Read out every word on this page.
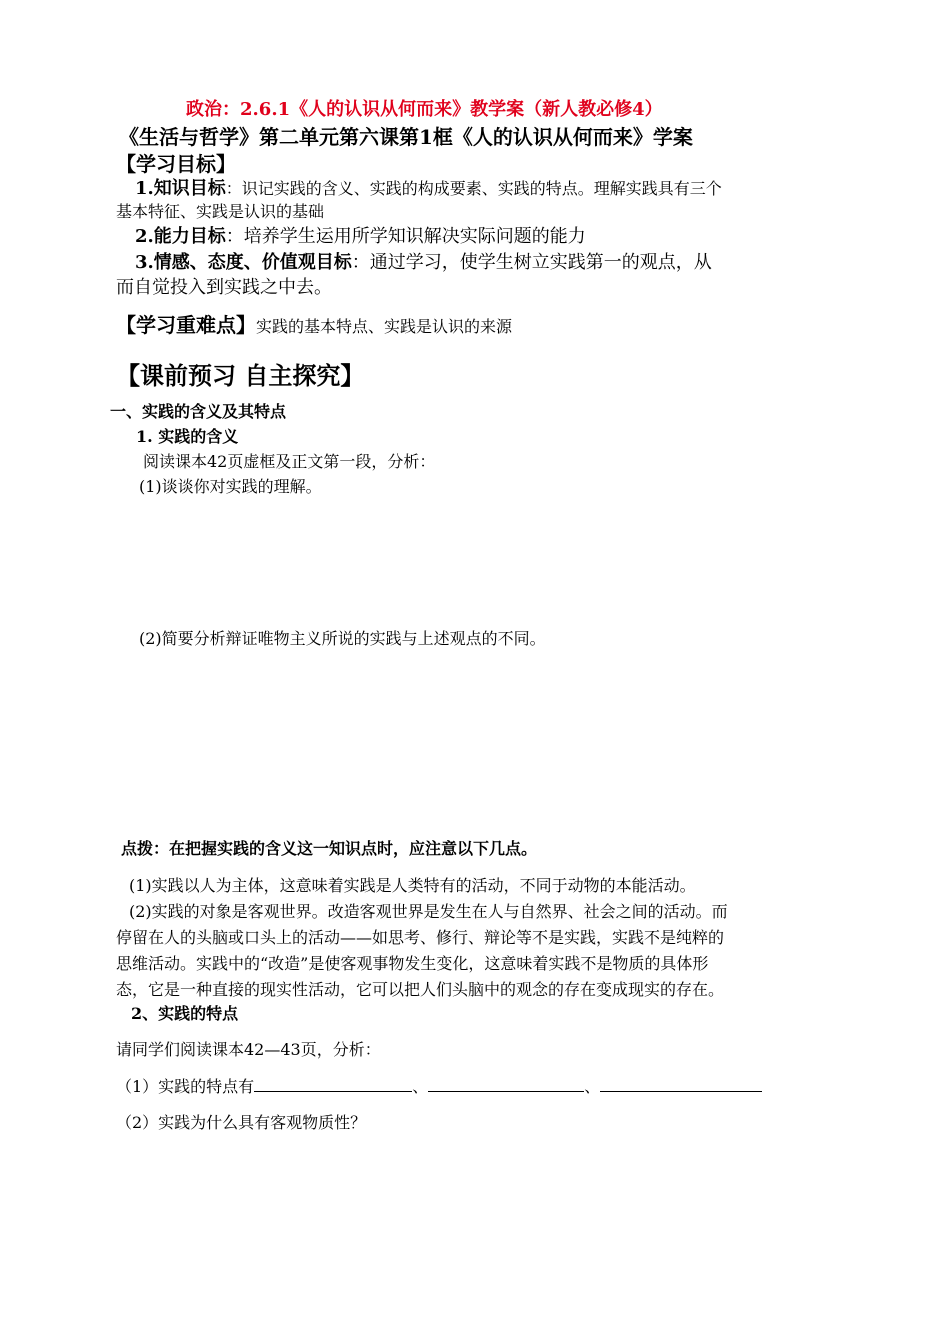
政治：2.6.1《人的认识从何而来》教学案（新人教必修4）
《生活与哲学》第二单元第六课第1框《人的认识从何而来》学案
【学习目标】
1.知识目标：识记实践的含义、实践的构成要素、实践的特点。理解实践具有三个
基本特征、实践是认识的基础
2.能力目标：培养学生运用所学知识解决实际问题的能力
3.情感、态度、价值观目标：通过学习，使学生树立实践第一的观点，从
而自觉投入到实践之中去。
【学习重难点】实践的基本特点、实践是认识的来源
【课前预习 自主探究】
一、实践的含义及其特点
1. 实践的含义
阅读课本42页虚框及正文第一段，分析：
(1)谈谈你对实践的理解。
(2)简要分析辩证唯物主义所说的实践与上述观点的不同。
点拨：在把握实践的含义这一知识点时，应注意以下几点。
(1)实践以人为主体，这意味着实践是人类特有的活动，不同于动物的本能活动。
(2)实践的对象是客观世界。改造客观世界是发生在人与自然界、社会之间的活动。而
停留在人的头脑或口头上的活动——如思考、修行、辩论等不是实践，实践不是纯粹的
思维活动。实践中的“改造”是使客观事物发生变化，这意味着实践不是物质的具体形
态，它是一种直接的现实性活动，它可以把人们头脑中的观念的存在变成现实的存在。
2、实践的特点
请同学们阅读课本42—43页，分析：
（1）实践的特点有	、	、
（2）实践为什么具有客观物质性？
